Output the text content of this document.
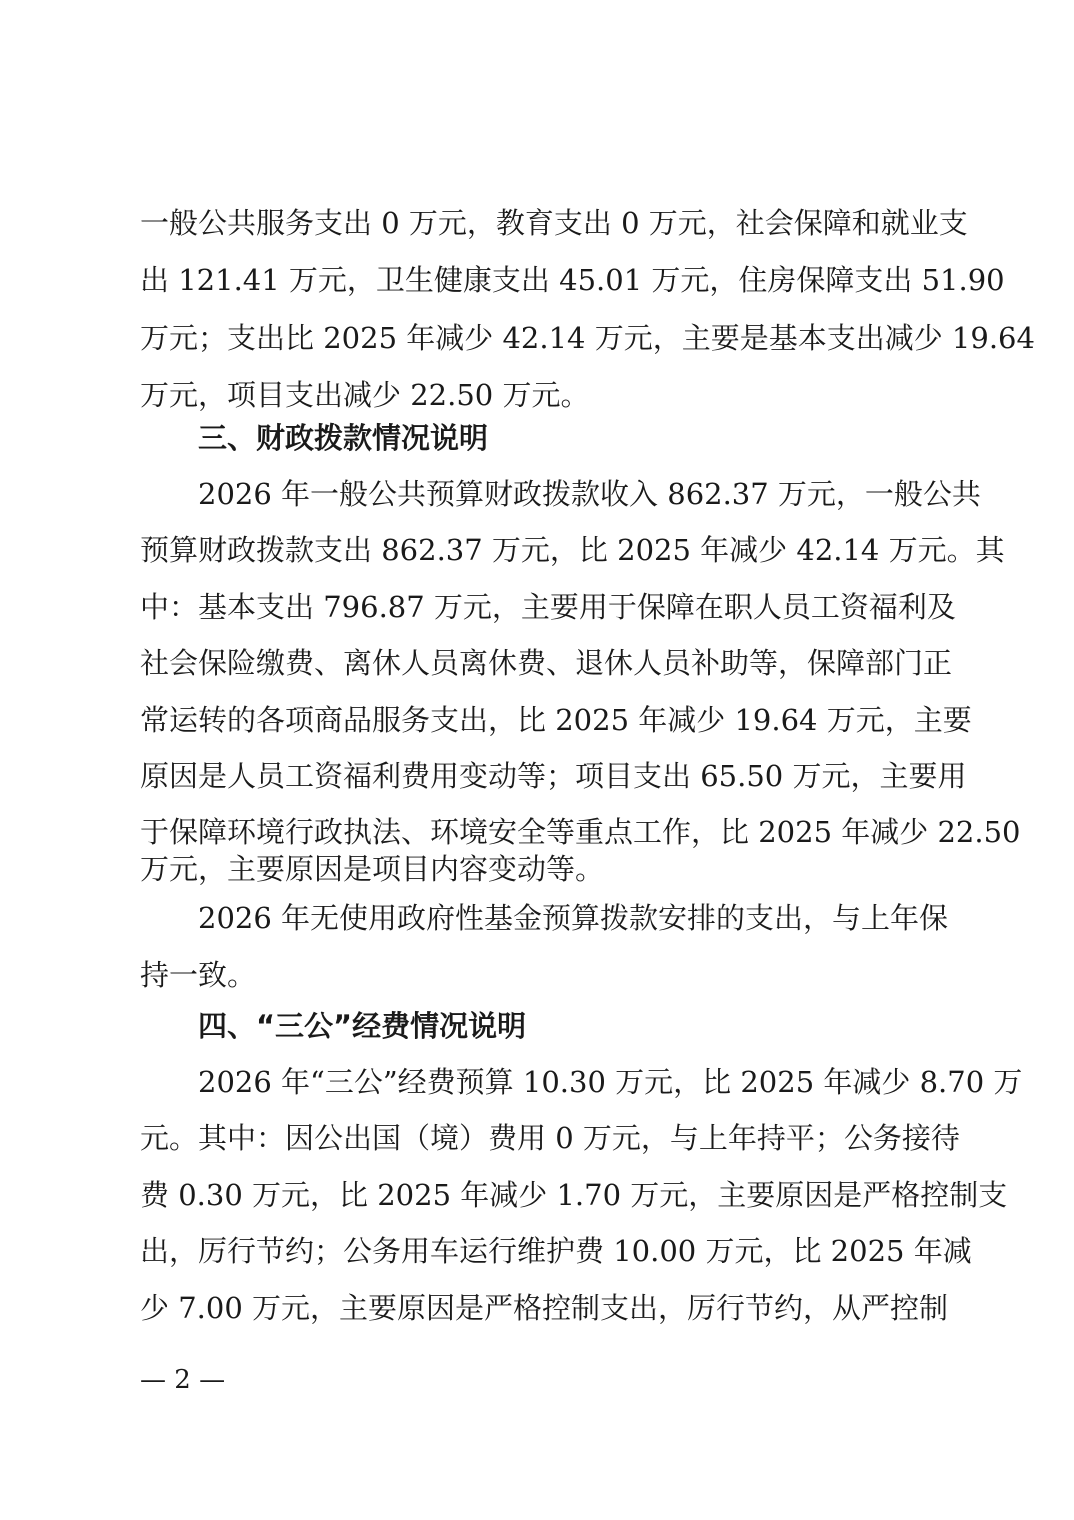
一般公共服务支出 0 万元，教育支出 0 万元，社会保障和就业支
出 121.41 万元，卫生健康支出 45.01 万元，住房保障支出 51.90
万元；支出比 2025 年减少 42.14 万元，主要是基本支出减少 19.64
万元，项目支出减少 22.50 万元。
三、财政拨款情况说明
2026 年一般公共预算财政拨款收入 862.37 万元，一般公共
预算财政拨款支出 862.37 万元，比 2025 年减少 42.14 万元。其
中：基本支出 796.87 万元，主要用于保障在职人员工资福利及
社会保险缴费、离休人员离休费、退休人员补助等，保障部门正
常运转的各项商品服务支出，比 2025 年减少 19.64 万元，主要
原因是人员工资福利费用变动等；项目支出 65.50 万元，主要用
于保障环境行政执法、环境安全等重点工作，比 2025 年减少 22.50
万元，主要原因是项目内容变动等。
2026 年无使用政府性基金预算拨款安排的支出，与上年保
持一致。
四、“三公”经费情况说明
2026 年“三公”经费预算 10.30 万元，比 2025 年减少 8.70 万
元。其中：因公出国（境）费用 0 万元，与上年持平；公务接待
费 0.30 万元，比 2025 年减少 1.70 万元，主要原因是严格控制支
出，厉行节约；公务用车运行维护费 10.00 万元，比 2025 年减
少 7.00 万元，主要原因是严格控制支出，厉行节约，从严控制
— 2 —
